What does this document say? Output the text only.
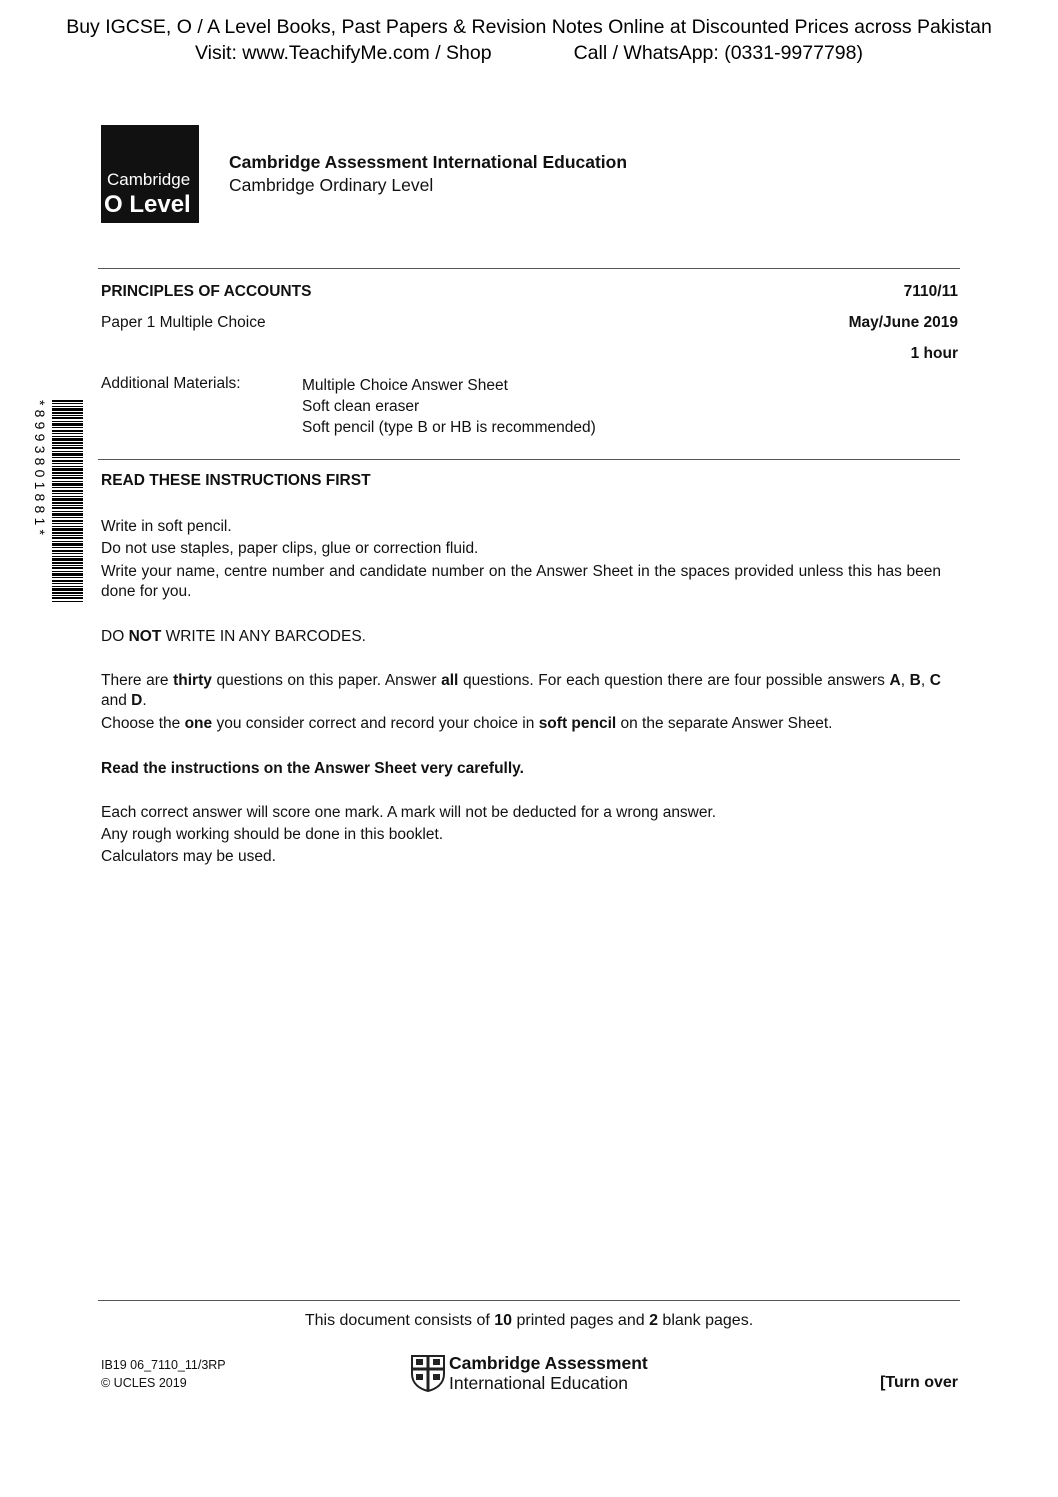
Buy IGCSE, O / A Level Books, Past Papers & Revision Notes Online at Discounted Prices across Pakistan
Visit: www.TeachifyMe.com / Shop	Call / WhatsApp: (0331-9977798)
Cambridge
O Level
Cambridge Assessment International Education
Cambridge Ordinary Level
PRINCIPLES OF ACCOUNTS	7110/11
Paper 1 Multiple Choice	May/June 2019
1 hour
Additional Materials:	Multiple Choice Answer Sheet
Soft clean eraser
Soft pencil (type B or HB is recommended)
*8993801881*	READ THESE INSTRUCTIONS FIRST
Write in soft pencil.
Do not use staples, paper clips, glue or correction fluid.
Write your name, centre number and candidate number on the Answer Sheet in the spaces provided unless this has been done for you.
DO NOT WRITE IN ANY BARCODES.
There are thirty questions on this paper. Answer all questions. For each question there are four possible answers A, B, C and D.
Choose the one you consider correct and record your choice in soft pencil on the separate Answer Sheet.
Read the instructions on the Answer Sheet very carefully.
Each correct answer will score one mark. A mark will not be deducted for a wrong answer.
Any rough working should be done in this booklet.
Calculators may be used.
This document consists of 10 printed pages and 2 blank pages.
IB19 06_7110_11/3RP
© UCLES 2019
Cambridge Assessment
International Education	[Turn over
